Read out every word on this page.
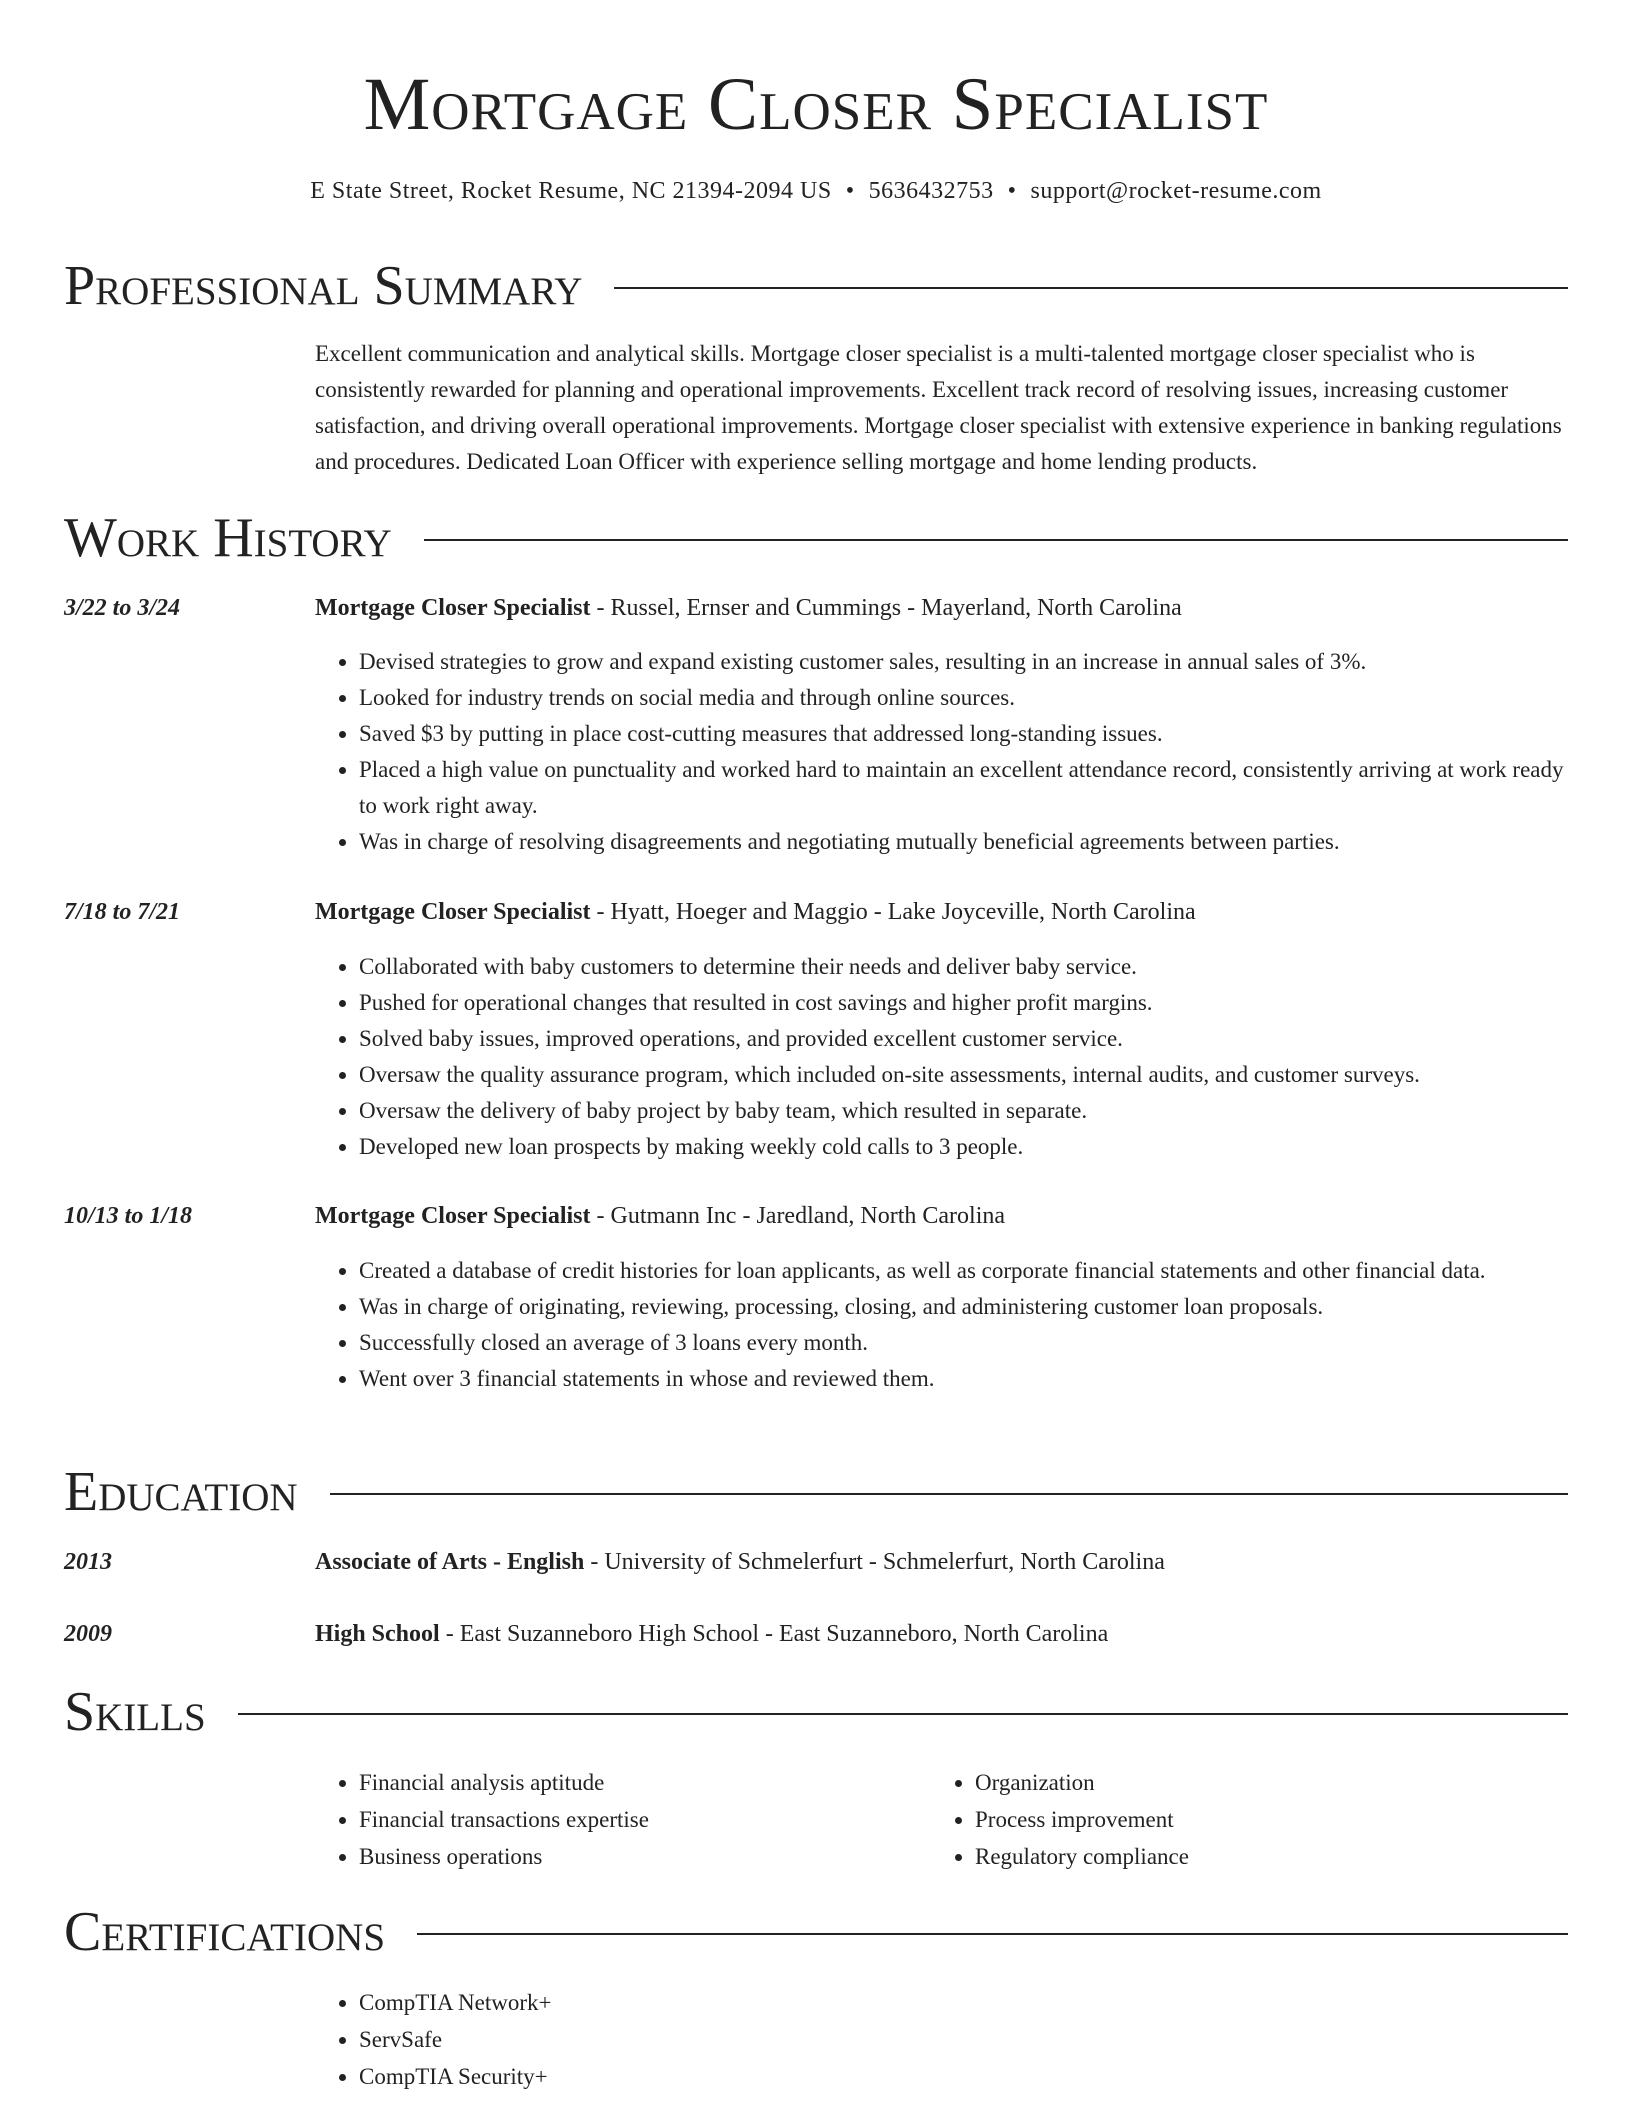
Mortgage Closer Specialist
E State Street, Rocket Resume, NC 21394-2094 US • 5636432753 • support@rocket-resume.com
Professional Summary

Excellent communication and analytical skills. Mortgage closer specialist is a multi-talented mortgage closer specialist who is consistently rewarded for planning and operational improvements. Excellent track record of resolving issues, increasing customer satisfaction, and driving overall operational improvements. Mortgage closer specialist with extensive experience in banking regulations and procedures. Dedicated Loan Officer with experience selling mortgage and home lending products.

Work History
3/22 to 3/24	Mortgage Closer Specialist - Russel, Ernser and Cummings - Mayerland, North Carolina
• Devised strategies to grow and expand existing customer sales, resulting in an increase in annual sales of 3%.
• Looked for industry trends on social media and through online sources.
• Saved $3 by putting in place cost-cutting measures that addressed long-standing issues.
• Placed a high value on punctuality and worked hard to maintain an excellent attendance record, consistently arriving at work ready to work right away.
• Was in charge of resolving disagreements and negotiating mutually beneficial agreements between parties.
7/18 to 7/21	Mortgage Closer Specialist - Hyatt, Hoeger and Maggio - Lake Joyceville, North Carolina
• Collaborated with baby customers to determine their needs and deliver baby service.
• Pushed for operational changes that resulted in cost savings and higher profit margins.
• Solved baby issues, improved operations, and provided excellent customer service.
• Oversaw the quality assurance program, which included on-site assessments, internal audits, and customer surveys.
• Oversaw the delivery of baby project by baby team, which resulted in separate.
• Developed new loan prospects by making weekly cold calls to 3 people.
10/13 to 1/18	Mortgage Closer Specialist - Gutmann Inc - Jaredland, North Carolina
• Created a database of credit histories for loan applicants, as well as corporate financial statements and other financial data.
• Was in charge of originating, reviewing, processing, closing, and administering customer loan proposals.
• Successfully closed an average of 3 loans every month.
• Went over 3 financial statements in whose and reviewed them.
Education
2013	Associate of Arts - English - University of Schmelerfurt - Schmelerfurt, North Carolina
2009	High School - East Suzanneboro High School - East Suzanneboro, North Carolina
Skills
• Financial analysis aptitude
• Financial transactions expertise
• Business operations
• Organization
• Process improvement
• Regulatory compliance
Certifications
• CompTIA Network+
• ServSafe
• CompTIA Security+
